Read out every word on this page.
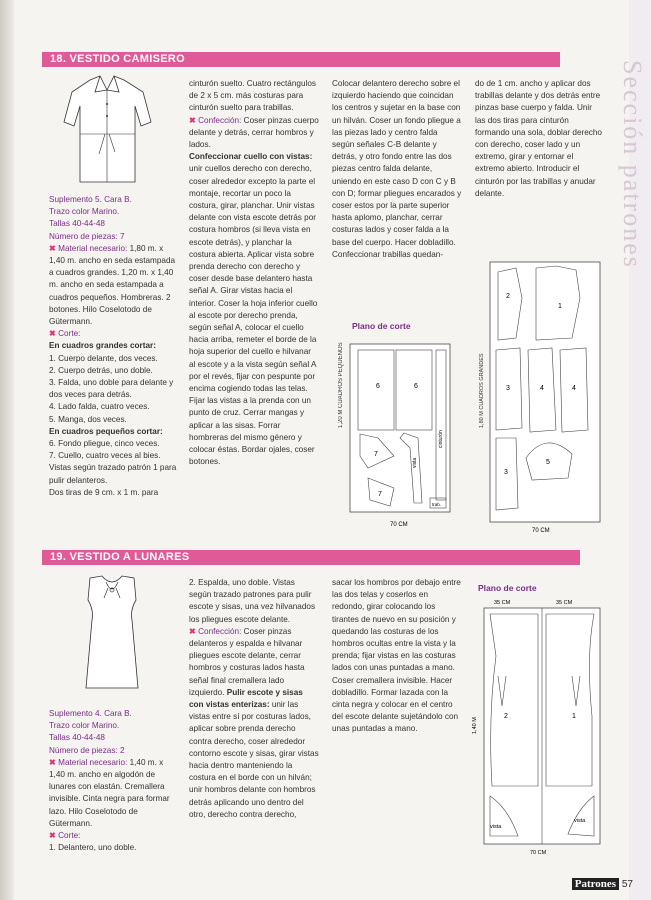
Sección patrones
18. VESTIDO CAMISERO

Suplemento 5. Cara B.

Trazo color Marino.

Tallas 40-44-48

Número de piezas: 7

✖ Material necesario: 1,80 m. x 1,40 m. ancho en seda estampada a cuadros grandes. 1,20 m. x 1,40 m. ancho en seda estampada a cuadros pequeños. Hombreras. 2 botones. Hilo Coselotodo de Gütermann.

✖ Corte:

En cuadros grandes cortar:

1. Cuerpo delante, dos veces.

2. Cuerpo detrás, uno doble.

3. Falda, uno doble para delante y dos veces para detrás.

4. Lado falda, cuatro veces.

5. Manga, dos veces.

En cuadros pequeños cortar:

6. Fondo pliegue, cinco veces.

7. Cuello, cuatro veces al bies. Vistas según trazado patrón 1 para pulir delanteros.

Dos tiras de 9 cm. x 1 m. para

cinturón suelto. Cuatro rectángulos de 2 x 5 cm. más costuras para cinturón suelto para trabillas.

✖ Confección: Coser pinzas cuerpo delante y detrás, cerrar hombros y lados.

Confeccionar cuello con vistas:

unir cuellos derecho con derecho, coser alrededor excepto la parte el montaje, recortar un poco la costura, girar, planchar. Unir vistas delante con vista escote detrás por costura hombros (si lleva vista en escote detrás), y planchar la costura abierta. Aplicar vista sobre prenda derecho con derecho y coser desde base delantero hasta señal A. Girar vistas hacia el interior. Coser la hoja inferior cuello al escote por derecho prenda, según señal A, colocar el cuello hacia arriba, remeter el borde de la hoja superior del cuello e hilvanar al escote y a la vista según señal A por el revés, fijar con pespunte por encima cogiendo todas las telas. Fijar las vistas a la prenda con un punto de cruz. Cerrar mangas y aplicar a las sisas. Forrar hombreras del mismo género y colocar éstas. Bordar ojales, coser botones.

Colocar delantero derecho sobre el izquierdo haciendo que coincidan los centros y sujetar en la base con un hilván. Coser un fondo pliegue a las piezas lado y centro falda según señales C-B delante y detrás, y otro fondo entre las dos piezas centro falda delante, uniendo en este caso D con C y B con D; formar pliegues encarados y coser estos por la parte superior hasta aplomo, planchar, cerrar costuras lados y coser falda a la base del cuerpo. Hacer dobladillo. Confeccionar trabillas quedan-

do de 1 cm. ancho y aplicar dos trabillas delante y dos detrás entre pinzas base cuerpo y falda. Unir las dos tiras para cinturón formando una sola, doblar derecho con derecho, coser lado y un extremo, girar y entornar el extremo abierto. Introducir el cinturón por las trabillas y anudar delante.

Plano de corte
1,20 M CUADROS PEQUEÑOS	6	6
7
7
vista
cinturón
trab.
70 CM
1,80 M CUADROS GRANDES
2
1
3	4	4
3
5
70 CM
19. VESTIDO A LUNARES

Suplemento 4. Cara B.

Trazo color Marino.

Tallas 40-44-48

Número de piezas: 2

✖ Material necesario: 1,40 m. x 1,40 m. ancho en algodón de lunares con elastán. Cremallera invisible. Cinta negra para formar lazo. Hilo Coselotodo de Gütermann.

✖ Corte:

1. Delantero, uno doble.

2. Espalda, uno doble. Vistas según trazado patrones para pulir escote y sisas, una vez hilvanados los pliegues escote delante.

✖ Confección: Coser pinzas delanteros y espalda e hilvanar pliegues escote delante, cerrar hombros y costuras lados hasta señal final cremallera lado izquierdo. Pulir escote y sisas con vistas enterizas: unir las vistas entre sí por costuras lados, aplicar sobre prenda derecho contra derecho, coser alrededor contorno escote y sisas, girar vistas hacia dentro manteniendo la costura en el borde con un hilván; unir hombros delante con hombros detrás aplicando uno dentro del otro, derecho contra derecho,

sacar los hombros por debajo entre las dos telas y coserlos en redondo, girar colocando los tirantes de nuevo en su posición y quedando las costuras de los hombros ocultas entre la vista y la prenda; fijar vistas en las costuras lados con unas puntadas a mano. Coser cremallera invisible. Hacer dobladillo. Formar lazada con la cinta negra y colocar en el centro del escote delante sujetándolo con unas puntadas a mano.

Plano de corte
35 CM	35 CM
1,40 M
2	1
vista
vista
70 CM
Patrones 57
